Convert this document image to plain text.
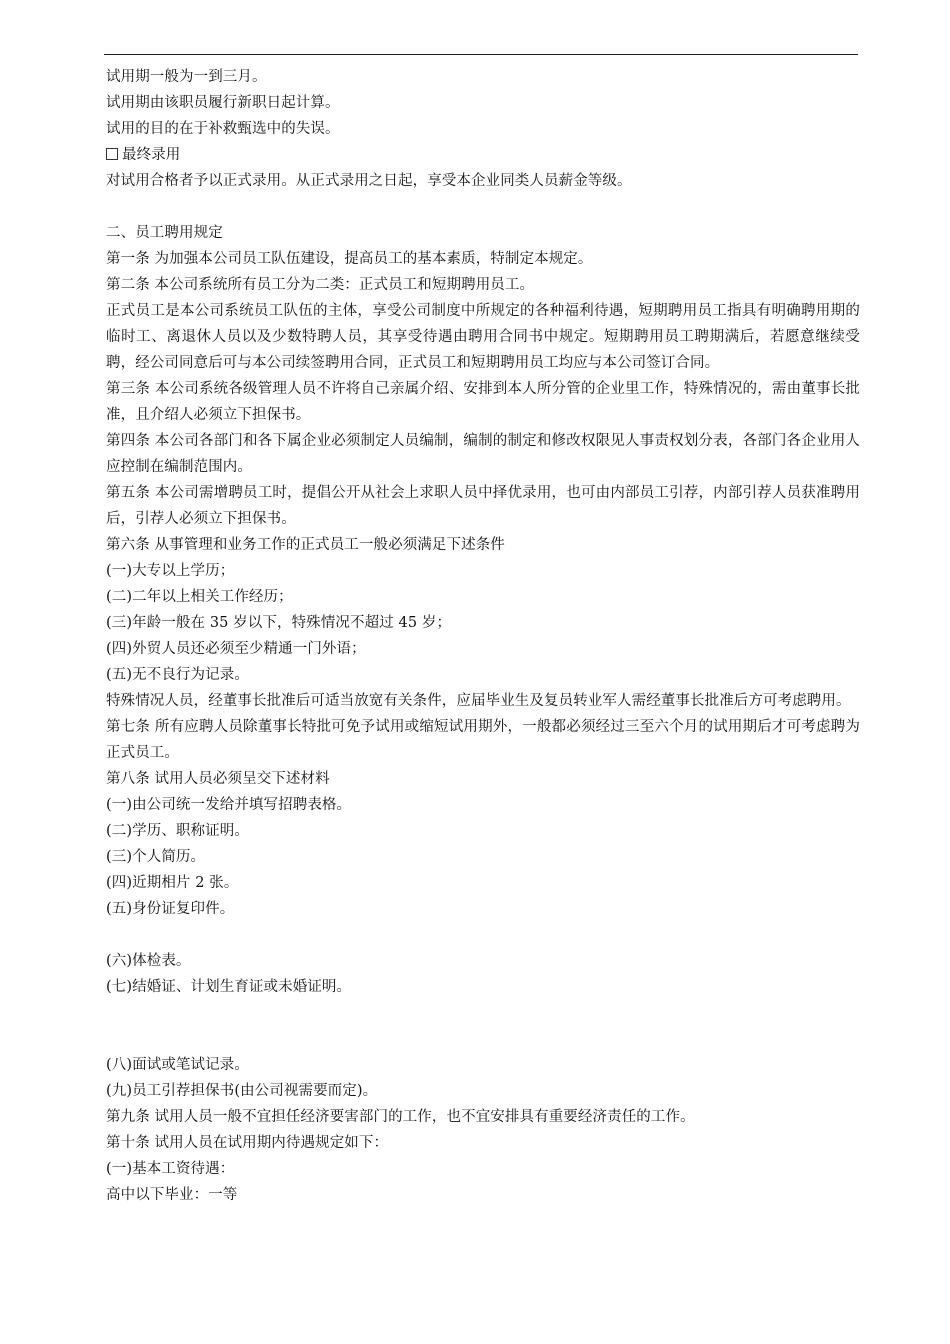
试用期一般为一到三月。
试用期由该职员履行新职日起计算。
试用的目的在于补救甄选中的失误。
最终录用
对试用合格者予以正式录用。从正式录用之日起，享受本企业同类人员薪金等级。
二、员工聘用规定
第一条 为加强本公司员工队伍建设，提高员工的基本素质，特制定本规定。
第二条 本公司系统所有员工分为二类：正式员工和短期聘用员工。
正式员工是本公司系统员工队伍的主体，享受公司制度中所规定的各种福利待遇，短期聘用员工指具有明确聘用期的临时工、离退休人员以及少数特聘人员，其享受待遇由聘用合同书中规定。短期聘用员工聘期满后，若愿意继续受聘，经公司同意后可与本公司续签聘用合同，正式员工和短期聘用员工均应与本公司签订合同。
第三条 本公司系统各级管理人员不许将自己亲属介绍、安排到本人所分管的企业里工作，特殊情况的，需由董事长批准，且介绍人必须立下担保书。
第四条 本公司各部门和各下属企业必须制定人员编制，编制的制定和修改权限见人事责权划分表，各部门各企业用人应控制在编制范围内。
第五条 本公司需增聘员工时，提倡公开从社会上求职人员中择优录用，也可由内部员工引荐，内部引荐人员获准聘用后，引荐人必须立下担保书。
第六条 从事管理和业务工作的正式员工一般必须满足下述条件
(一)大专以上学历；
(二)二年以上相关工作经历；
(三)年龄一般在 35 岁以下，特殊情况不超过 45 岁；
(四)外贸人员还必须至少精通一门外语；
(五)无不良行为记录。
特殊情况人员，经董事长批准后可适当放宽有关条件，应届毕业生及复员转业军人需经董事长批准后方可考虑聘用。
第七条 所有应聘人员除董事长特批可免予试用或缩短试用期外，一般都必须经过三至六个月的试用期后才可考虑聘为正式员工。
第八条 试用人员必须呈交下述材料
(一)由公司统一发给并填写招聘表格。
(二)学历、职称证明。
(三)个人简历。
(四)近期相片 2 张。
(五)身份证复印件。
(六)体检表。
(七)结婚证、计划生育证或未婚证明。
(八)面试或笔试记录。
(九)员工引荐担保书(由公司视需要而定)。
第九条 试用人员一般不宜担任经济要害部门的工作，也不宜安排具有重要经济责任的工作。
第十条 试用人员在试用期内待遇规定如下：
(一)基本工资待遇：
高中以下毕业：一等
